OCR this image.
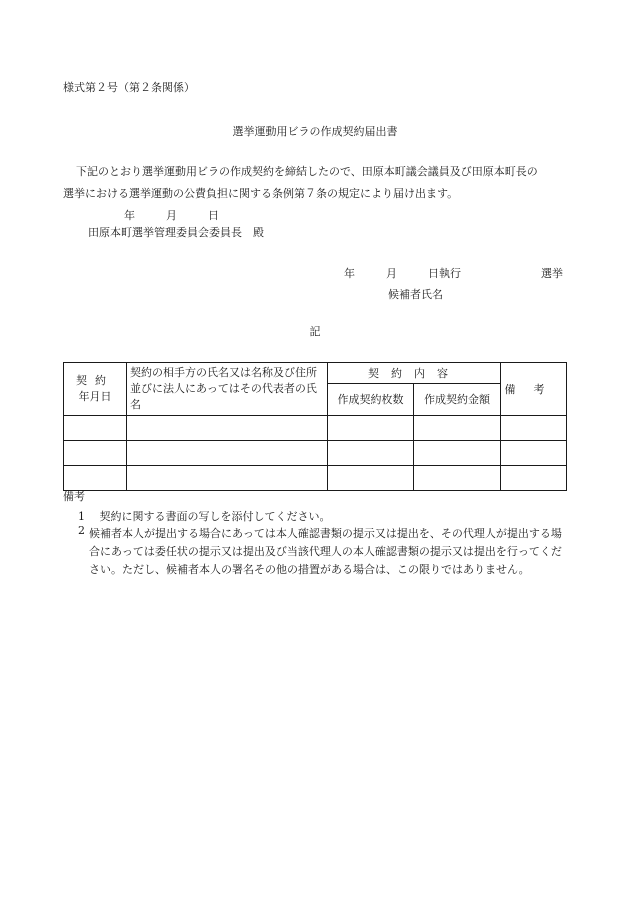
様式第２号（第２条関係）
選挙運動用ビラの作成契約届出書
下記のとおり選挙運動用ビラの作成契約を締結したので、田原本町議会議員及び田原本町長の
選挙における選挙運動の公費負担に関する条例第７条の規定により届け出ます。
年	月	日
田原本町選挙管理委員会委員長　殿
年	月	日執行	選挙
候補者氏名
記
契約
年月日	契約の相手方の氏名又は名称及び住所並びに法人にあってはその代表者の氏名	契約内容		備考
		作成契約枚数	作成契約金額	

備考
1 契約に関する書面の写しを添付してください。
2 候補者本人が提出する場合にあっては本人確認書類の提示又は提出を、その代理人が提出する場合にあっては委任状の提示又は提出及び当該代理人の本人確認書類の提示又は提出を行ってください。ただし、候補者本人の署名その他の措置がある場合は、この限りではありません。
